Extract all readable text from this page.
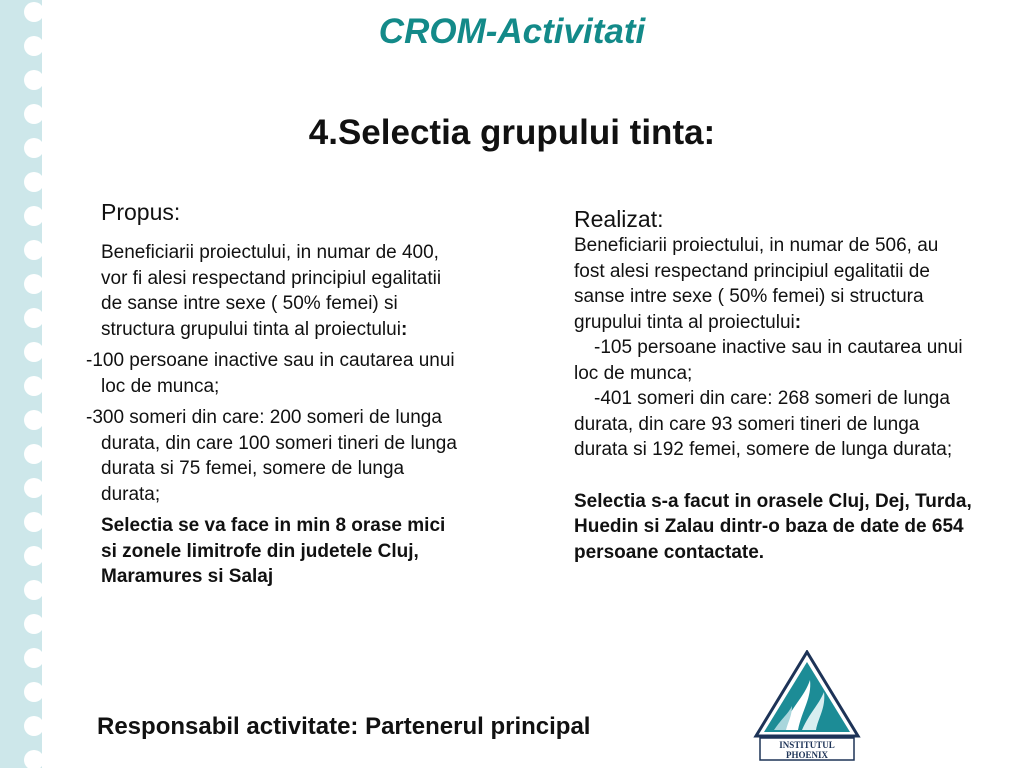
CROM-Activitati
4.Selectia grupului tinta:

Propus:

Beneficiarii proiectului, in numar de 400, vor fi alesi respectand principiul egalitatii de sanse intre sexe ( 50% femei) si structura grupului tinta al proiectului:

-100 persoane inactive sau in cautarea unui loc de munca;

-300 someri din care: 200 someri de lunga durata, din care 100 someri tineri de lunga durata si 75 femei, somere de lunga durata;

Selectia se va face in min 8 orase mici si zonele limitrofe din judetele Cluj, Maramures si Salaj

Realizat:

Beneficiarii proiectului, in numar de 506, au fost alesi respectand principiul egalitatii de sanse intre sexe ( 50% femei) si structura grupului tinta al proiectului:

-105 persoane inactive sau in cautarea unui loc de munca;

-401 someri din care: 268 someri de lunga durata, din care 93 someri tineri de lunga durata si 192 femei, somere de lunga durata;

Selectia s-a facut in orasele Cluj, Dej, Turda, Huedin si Zalau dintr-o baza de date de 654 persoane contactate.

Responsabil activitate: Partenerul principal

INSTITUTUL
PHOENIX
